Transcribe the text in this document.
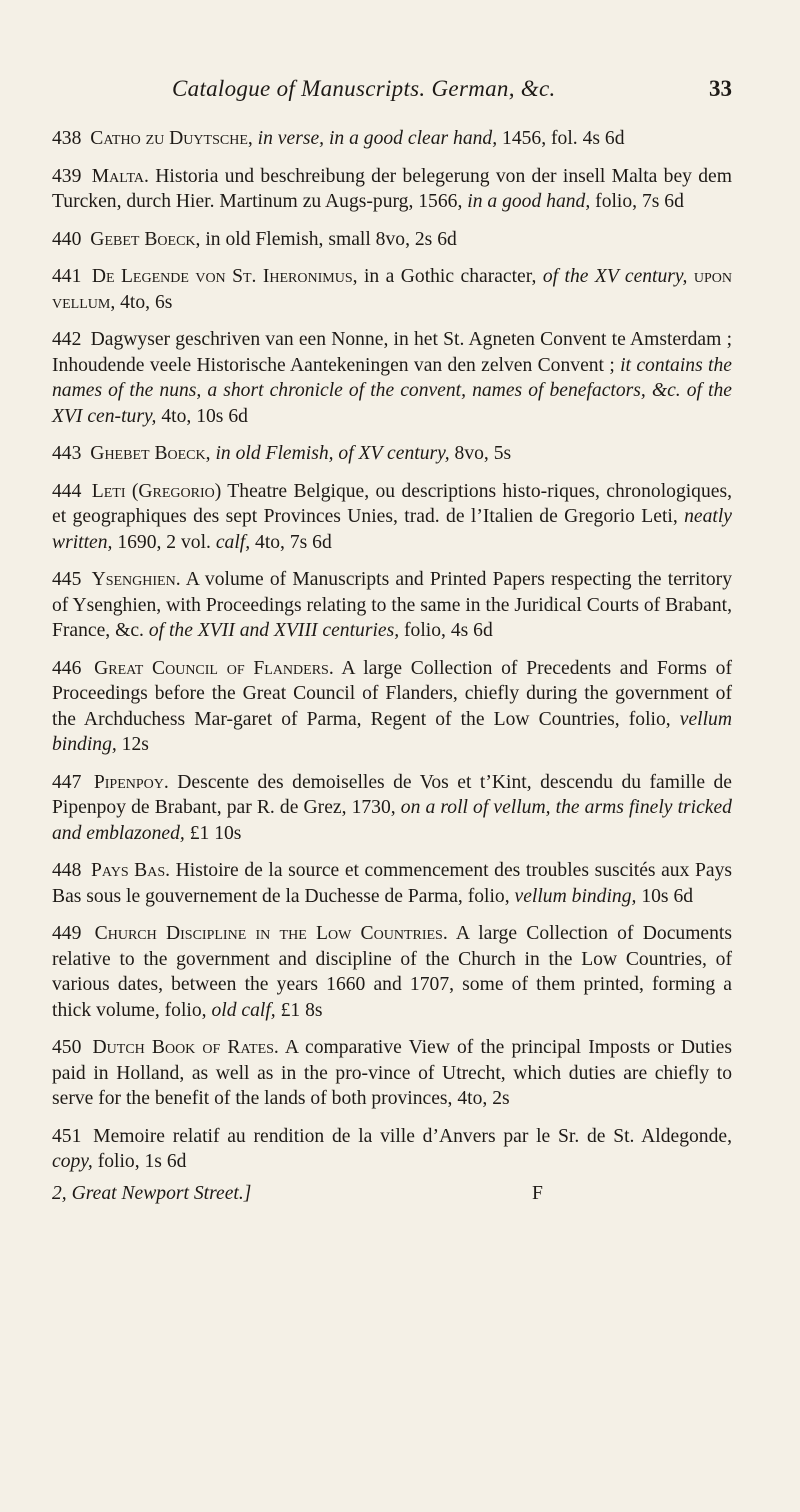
Catalogue of Manuscripts. German, &c.	33

438 Catho zu Duytsche, in verse, in a good clear hand, 1456, fol. 4s 6d

439 Malta. Historia und beschreibung der belegerung von der insell Malta bey dem Turcken, durch Hier. Martinum zu Augs-purg, 1566, in a good hand, folio, 7s 6d

440 Gebet Boeck, in old Flemish, small 8vo, 2s 6d

441 De Legende von St. Iheronimus, in a Gothic character, of the XV century, upon vellum, 4to, 6s

442 Dagwyser geschriven van een Nonne, in het St. Agneten Convent te Amsterdam ; Inhoudende veele Historische Aantekeningen van den zelven Convent ; it contains the names of the nuns, a short chronicle of the convent, names of benefactors, &c. of the XVI cen-tury, 4to, 10s 6d

443 Ghebet Boeck, in old Flemish, of XV century, 8vo, 5s

444 Leti (Gregorio) Theatre Belgique, ou descriptions histo-riques, chronologiques, et geographiques des sept Provinces Unies, trad. de l’Italien de Gregorio Leti, neatly written, 1690, 2 vol. calf, 4to, 7s 6d

445 Ysenghien. A volume of Manuscripts and Printed Papers respecting the territory of Ysenghien, with Proceedings relating to the same in the Juridical Courts of Brabant, France, &c. of the XVII and XVIII centuries, folio, 4s 6d

446 Great Council of Flanders. A large Collection of Precedents and Forms of Proceedings before the Great Council of Flanders, chiefly during the government of the Archduchess Mar-garet of Parma, Regent of the Low Countries, folio, vellum binding, 12s

447 Pipenpoy. Descente des demoiselles de Vos et t’Kint, descendu du famille de Pipenpoy de Brabant, par R. de Grez, 1730, on a roll of vellum, the arms finely tricked and emblazoned, £1 10s

448 Pays Bas. Histoire de la source et commencement des troubles suscités aux Pays Bas sous le gouvernement de la Duchesse de Parma, folio, vellum binding, 10s 6d

449 Church Discipline in the Low Countries. A large Collection of Documents relative to the government and discipline of the Church in the Low Countries, of various dates, between the years 1660 and 1707, some of them printed, forming a thick volume, folio, old calf, £1 8s

450 Dutch Book of Rates. A comparative View of the principal Imposts or Duties paid in Holland, as well as in the pro-vince of Utrecht, which duties are chiefly to serve for the benefit of the lands of both provinces, 4to, 2s

451 Memoire relatif au rendition de la ville d’Anvers par le Sr. de St. Aldegonde, copy, folio, 1s 6d

2, Great Newport Street.]	F
